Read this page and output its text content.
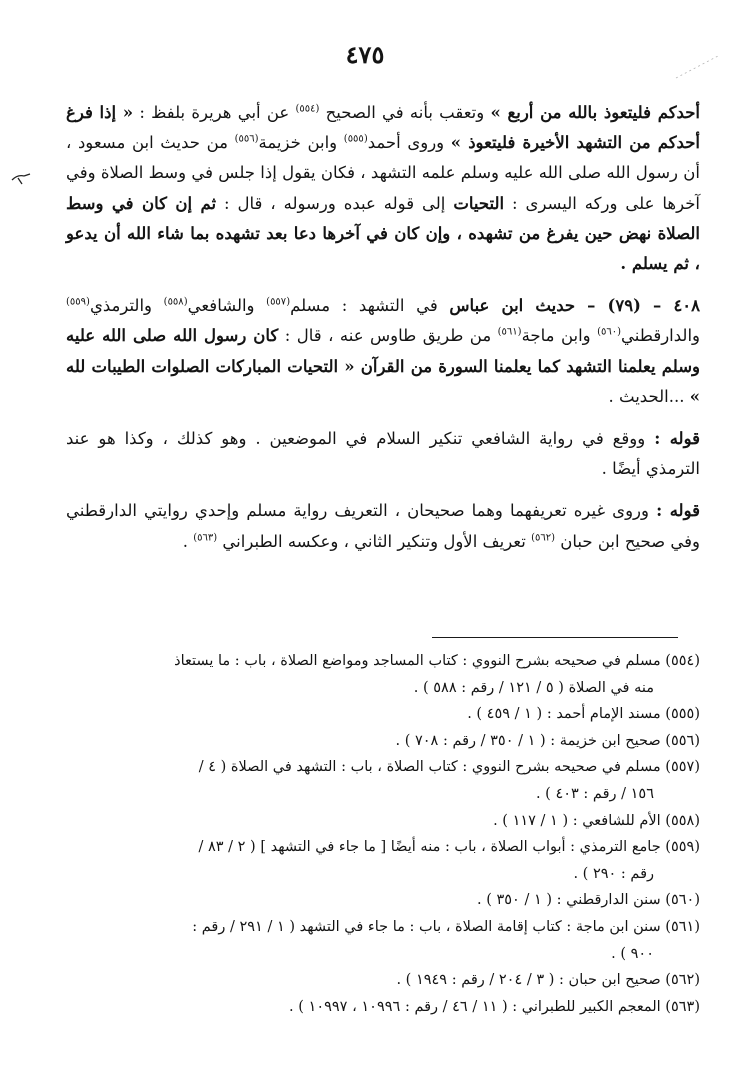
٤٧٥

أحدكم فليتعوذ بالله من أربع » وتعقب بأنه في الصحيح $^{(٥٥٤)}$ عن أبي هريرة بلفظ : « إذا فرغ أحدكم من التشهد الأخيرة فليتعوذ » وروى أحمد$^{(٥٥٥)}$ وابن خزيمة$^{(٥٥٦)}$ من حديث ابن مسعود ، أن رسول الله صلى الله عليه وسلم علمه التشهد ، فكان يقول إذا جلس في وسط الصلاة وفي آخرها على وركه اليسرى : التحيات إلى قوله عبده ورسوله ، قال : ثم إن كان في وسط الصلاة نهض حين يفرغ من تشهده ، وإن كان في آخرها دعا بعد تشهده بما شاء الله أن يدعو ، ثم يسلم .

٤٠٨ – (٧٩) – حديث ابن عباس في التشهد : مسلم$^{(٥٥٧)}$ والشافعي$^{(٥٥٨)}$ والترمذي$^{(٥٥٩)}$ والدارقطني$^{(٥٦٠)}$ وابن ماجة$^{(٥٦١)}$ من طريق طاوس عنه ، قال : كان رسول الله صلى الله عليه وسلم يعلمنا التشهد كما يعلمنا السورة من القرآن « التحيات المباركات الصلوات الطيبات لله » ...الحديث .

قوله : ووقع في رواية الشافعي تنكير السلام في الموضعين . وهو كذلك ، وكذا هو عند الترمذي أيضًا .

قوله : وروى غيره تعريفهما وهما صحيحان ، التعريف رواية مسلم وإحدي روايتي الدارقطني وفي صحيح ابن حبان $^{(٥٦٢)}$ تعريف الأول وتنكير الثاني ، وعكسه الطبراني $^{(٥٦٣)}$ .

(٥٥٤) مسلم في صحيحه بشرح النووي : كتاب المساجد ومواضع الصلاة ، باب : ما يستعاذ

منه في الصلاة ( ٥ / ١٢١ / رقم : ٥٨٨ ) .

(٥٥٥) مسند الإمام أحمد : ( ١ / ٤٥٩ ) .

(٥٥٦) صحيح ابن خزيمة : ( ١ / ٣٥٠ / رقم : ٧٠٨ ) .

(٥٥٧) مسلم في صحيحه بشرح النووي : كتاب الصلاة ، باب : التشهد في الصلاة ( ٤ /

١٥٦ / رقم : ٤٠٣ ) .

(٥٥٨) الأم للشافعي : ( ١ / ١١٧ ) .

(٥٥٩) جامع الترمذي : أبواب الصلاة ، باب : منه أيضًا [ ما جاء في التشهد ] ( ٢ / ٨٣ /

رقم : ٢٩٠ ) .

(٥٦٠) سنن الدارقطني : ( ١ / ٣٥٠ ) .

(٥٦١) سنن ابن ماجة : كتاب إقامة الصلاة ، باب : ما جاء في التشهد ( ١ / ٢٩١ / رقم :

٩٠٠ ) .

(٥٦٢) صحيح ابن حبان : ( ٣ / ٢٠٤ / رقم : ١٩٤٩ ) .

(٥٦٣) المعجم الكبير للطبراني : ( ١١ / ٤٦ / رقم : ١٠٩٩٦ ، ١٠٩٩٧ ) .
